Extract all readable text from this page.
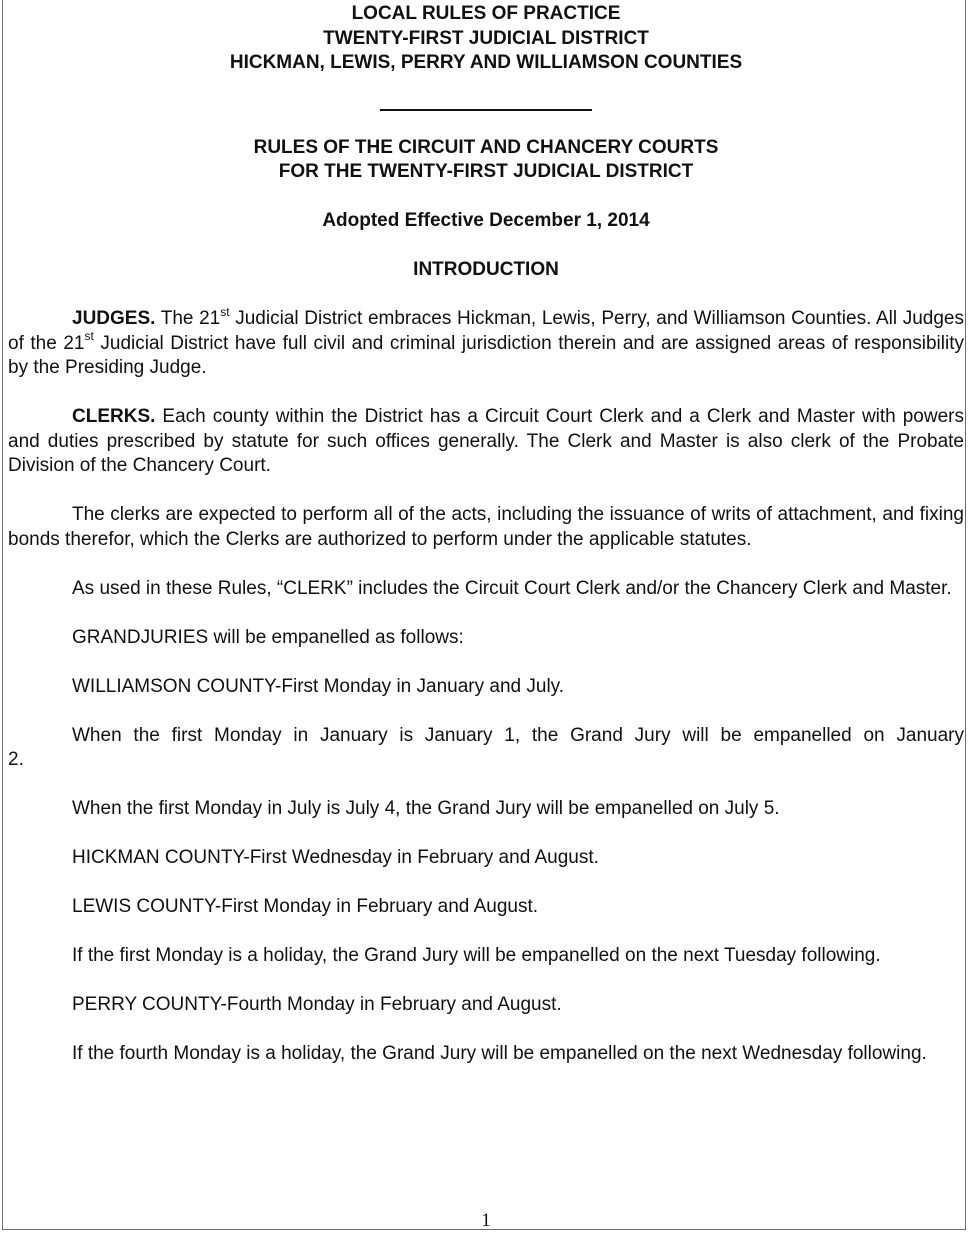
LOCAL RULES OF PRACTICE
TWENTY-FIRST JUDICIAL DISTRICT
HICKMAN, LEWIS, PERRY AND WILLIAMSON COUNTIES
RULES OF THE CIRCUIT AND CHANCERY COURTS
FOR THE TWENTY-FIRST JUDICIAL DISTRICT
Adopted Effective December 1, 2014
INTRODUCTION

JUDGES. The 21st Judicial District embraces Hickman, Lewis, Perry, and Williamson Counties. All Judges of the 21st Judicial District have full civil and criminal jurisdiction therein and are assigned areas of responsibility by the Presiding Judge.

CLERKS. Each county within the District has a Circuit Court Clerk and a Clerk and Master with powers and duties prescribed by statute for such offices generally. The Clerk and Master is also clerk of the Probate Division of the Chancery Court.

The clerks are expected to perform all of the acts, including the issuance of writs of attachment, and fixing bonds therefor, which the Clerks are authorized to perform under the applicable statutes.

As used in these Rules, “CLERK” includes the Circuit Court Clerk and/or the Chancery Clerk and Master.

GRANDJURIES will be empanelled as follows:

WILLIAMSON COUNTY-First Monday in January and July.

When the first Monday in January is January 1, the Grand Jury will be empanelled on January

2.

When the first Monday in July is July 4, the Grand Jury will be empanelled on July 5.

HICKMAN COUNTY-First Wednesday in February and August.

LEWIS COUNTY-First Monday in February and August.

If the first Monday is a holiday, the Grand Jury will be empanelled on the next Tuesday following.

PERRY COUNTY-Fourth Monday in February and August.

If the fourth Monday is a holiday, the Grand Jury will be empanelled on the next Wednesday following.

1
